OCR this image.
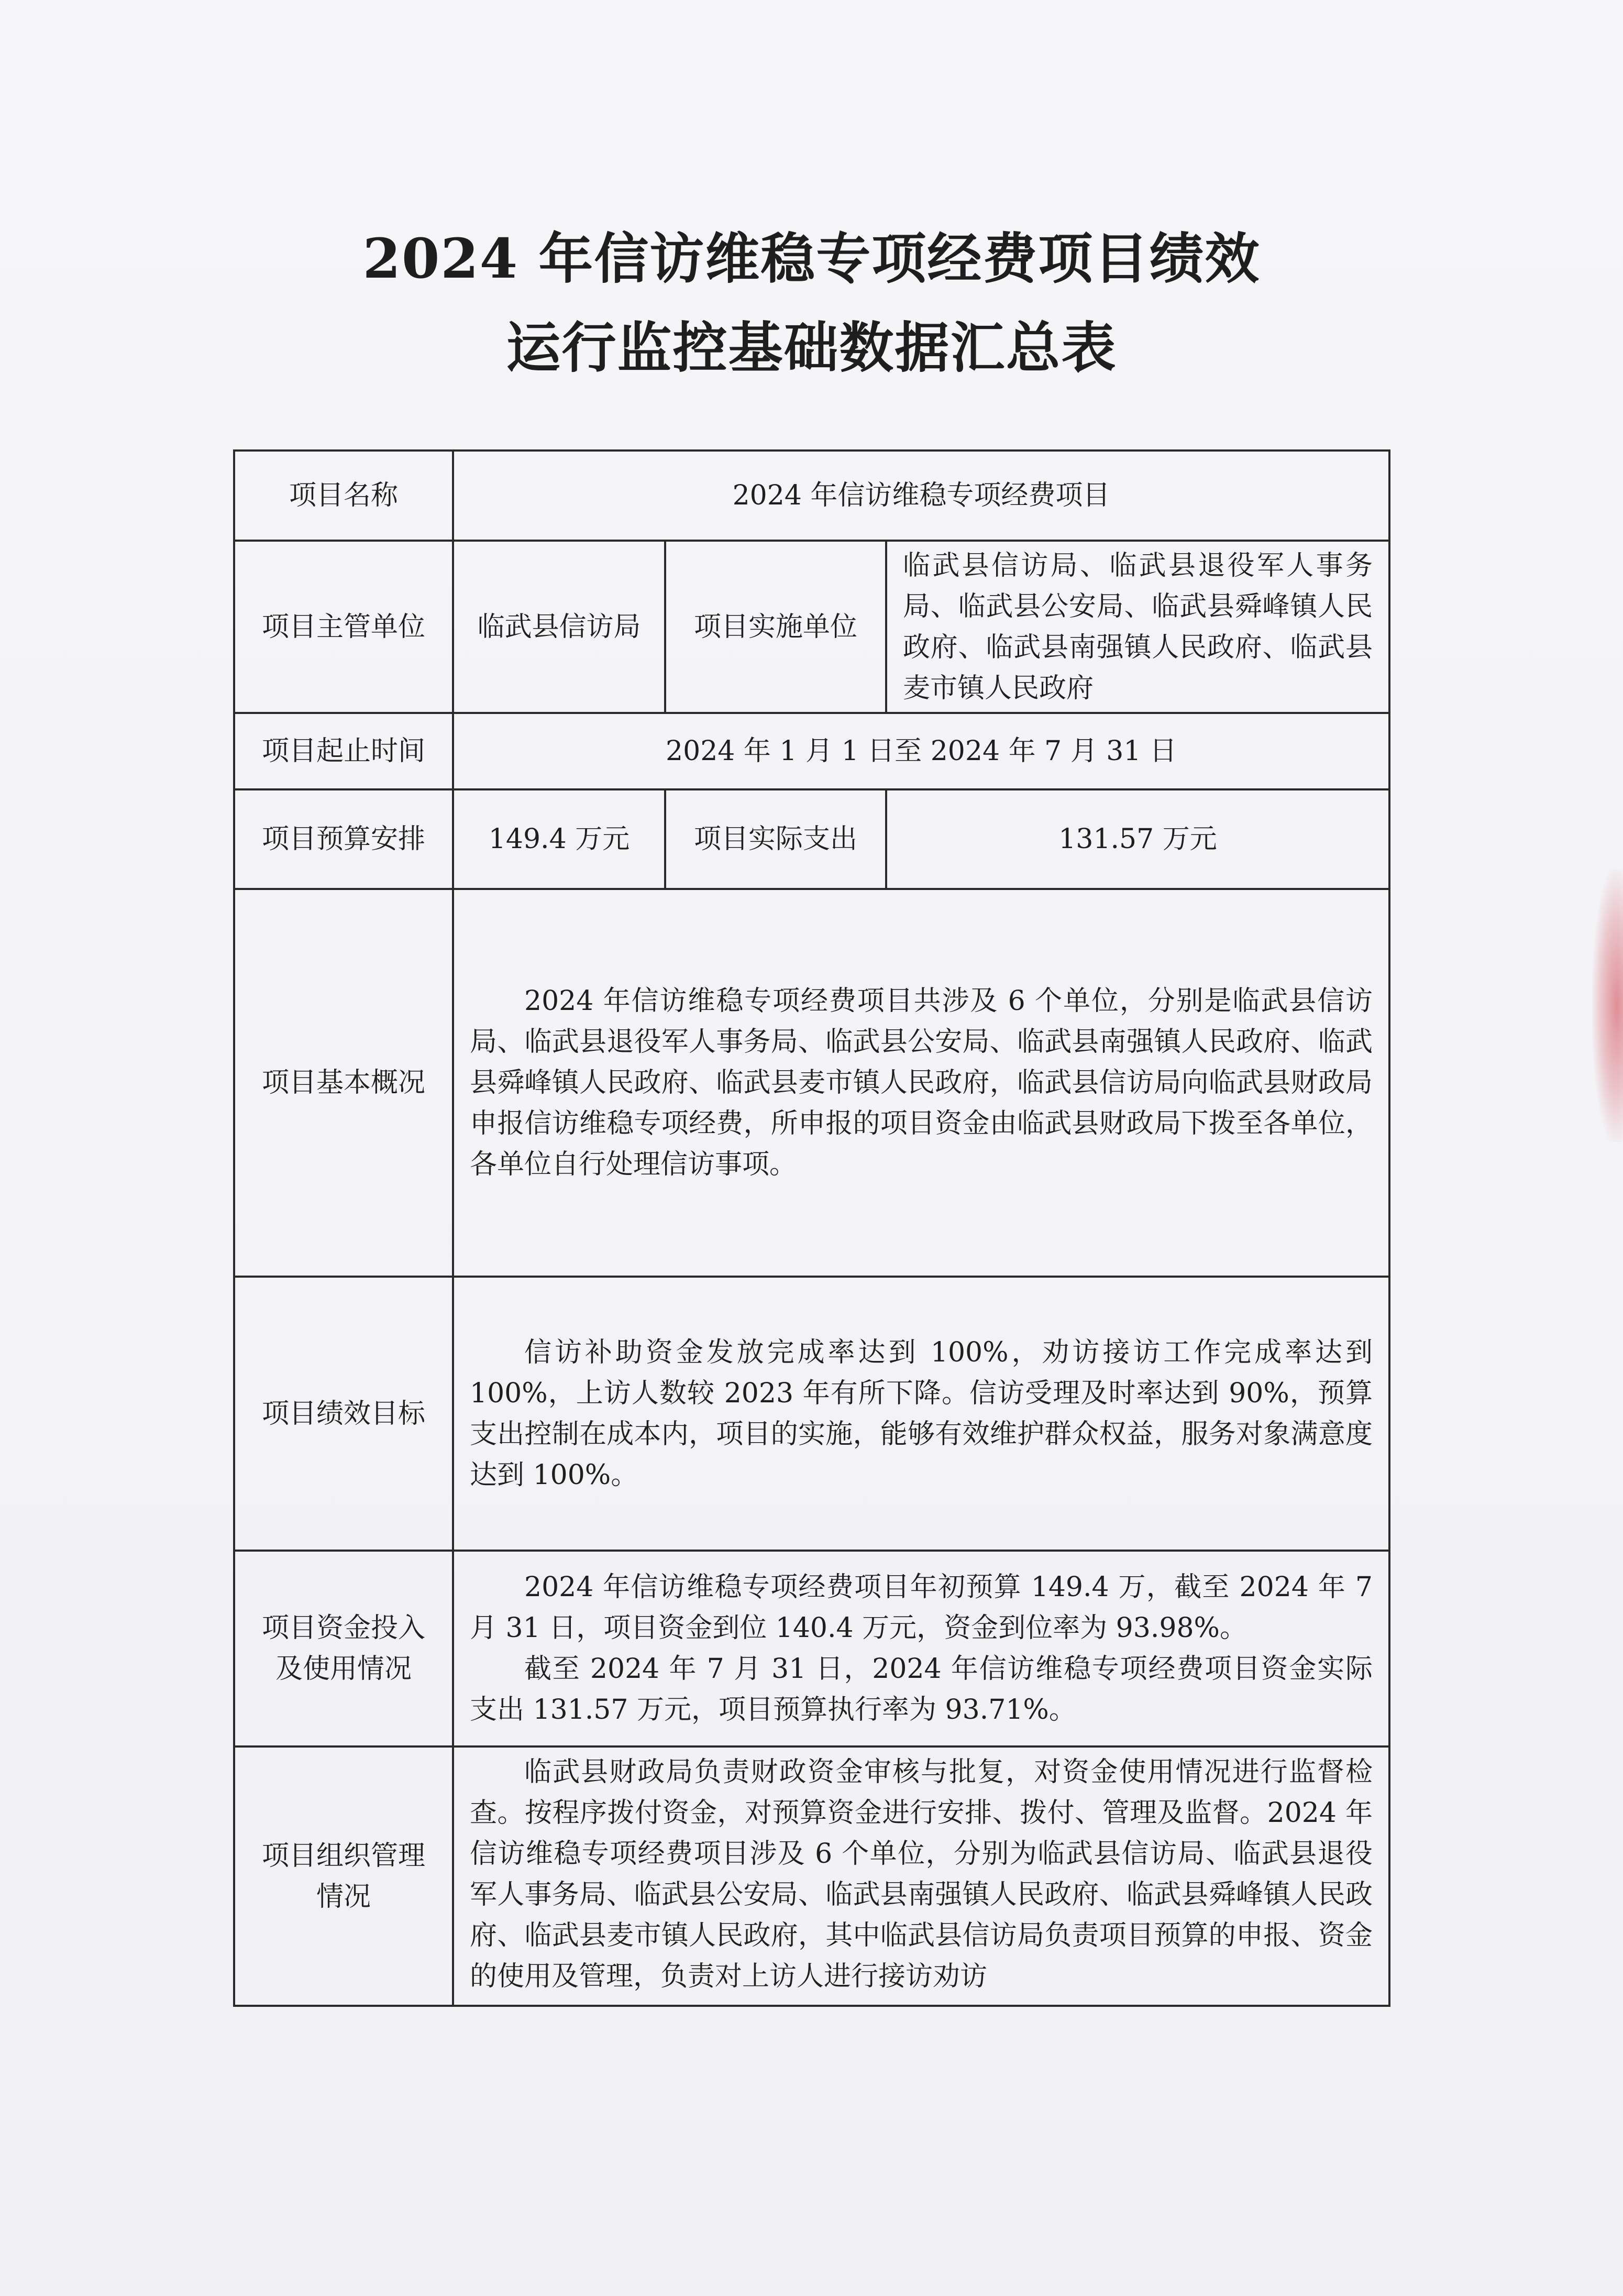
2024 年信访维稳专项经费项目绩效
运行监控基础数据汇总表
项目名称	2024 年信访维稳专项经费项目		
项目主管单位	临武县信访局	项目实施单位	临武县信访局、临武县退役军人事务局、临武县公安局、临武县舜峰镇人民政府、临武县南强镇人民政府、临武县麦市镇人民政府
项目起止时间	2024 年 1 月 1 日至 2024 年 7 月 31 日		
项目预算安排	149.4 万元	项目实际支出	131.57 万元
项目基本概况	2024 年信访维稳专项经费项目共涉及 6 个单位，分别是临武县信访局、临武县退役军人事务局、临武县公安局、临武县南强镇人民政府、临武县舜峰镇人民政府、临武县麦市镇人民政府，临武县信访局向临武县财政局申报信访维稳专项经费，所申报的项目资金由临武县财政局下拨至各单位，各单位自行处理信访事项。		

项目绩效目标	信访补助资金发放完成率达到 100%，劝访接访工作完成率达到 100%，上访人数较 2023 年有所下降。信访受理及时率达到 90%，预算支出控制在成本内，项目的实施，能够有效维护群众权益，服务对象满意度达到 100%。		

项目资金投入及使用情况	2024 年信访维稳专项经费项目年初预算 149.4 万，截至 2024 年 7 月 31 日，项目资金到位 140.4 万元，资金到位率为 93.98%。

截至 2024 年 7 月 31 日，2024 年信访维稳专项经费项目资金实际支出 131.57 万元，项目预算执行率为 93.71%。		

项目组织管理情况	临武县财政局负责财政资金审核与批复，对资金使用情况进行监督检查。按程序拨付资金，对预算资金进行安排、拨付、管理及监督。2024 年信访维稳专项经费项目涉及 6 个单位，分别为临武县信访局、临武县退役军人事务局、临武县公安局、临武县南强镇人民政府、临武县舜峰镇人民政府、临武县麦市镇人民政府，其中临武县信访局负责项目预算的申报、资金的使用及管理，负责对上访人进行接访劝访		
